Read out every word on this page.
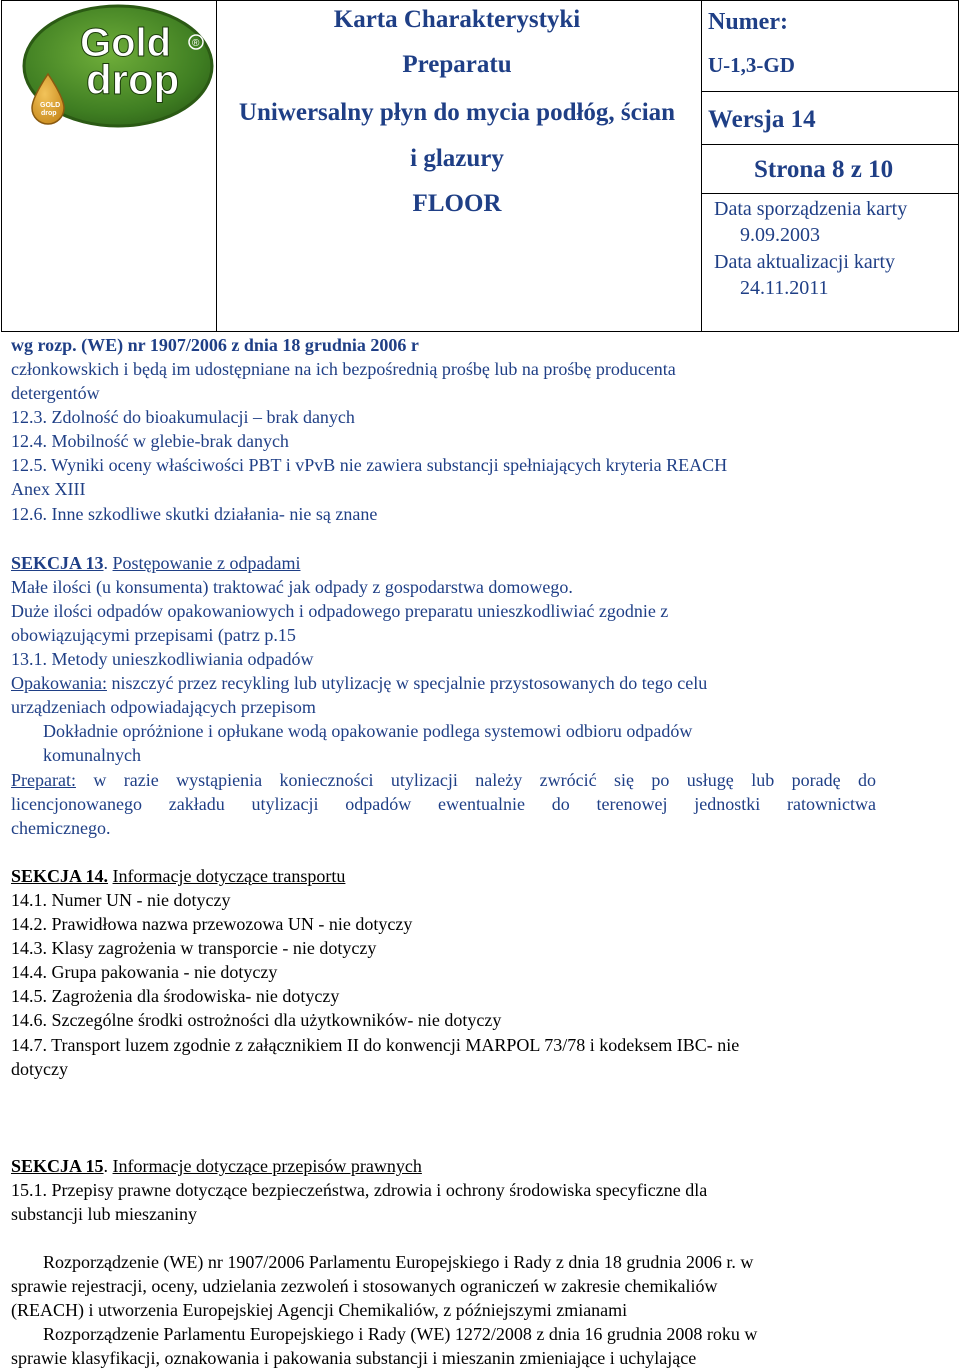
Gold
drop
®
GOLD
drop
Karta Charakterystyki
Preparatu
Uniwersalny płyn do mycia podłóg, ścian
i glazury
FLOOR
Numer:
U-1,3-GD
Wersja 14
Strona 8 z 10
Data sporządzenia karty
9.09.2003
Data aktualizacji karty
24.11.2011
wg rozp. (WE) nr 1907/2006 z dnia 18 grudnia 2006 r
członkowskich i będą im udostępniane na ich bezpośrednią prośbę lub na prośbę producenta
detergentów
12.3. Zdolność do bioakumulacji – brak danych
12.4. Mobilność w glebie-brak danych
12.5. Wyniki oceny właściwości PBT i vPvB nie zawiera substancji spełniających kryteria REACH
Anex XIII
12.6. Inne szkodliwe skutki działania- nie są znane
SEKCJA 13. Postępowanie z odpadami
Małe ilości (u konsumenta) traktować jak odpady z gospodarstwa domowego.
Duże ilości odpadów opakowaniowych i odpadowego preparatu unieszkodliwiać zgodnie z
obowiązującymi przepisami (patrz p.15
13.1. Metody unieszkodliwiania odpadów
Opakowania: niszczyć przez recykling lub utylizację w specjalnie przystosowanych do tego celu
urządzeniach odpowiadających przepisom
Dokładnie opróżnione i opłukane wodą opakowanie podlega systemowi odbioru odpadów
komunalnych
Preparat: w razie wystąpienia konieczności utylizacji należy zwrócić się po usługę lub poradę do
licencjonowanego zakładu utylizacji odpadów ewentualnie do terenowej jednostki ratownictwa
chemicznego.
SEKCJA 14. Informacje dotyczące transportu
14.1. Numer UN - nie dotyczy
14.2. Prawidłowa nazwa przewozowa UN - nie dotyczy
14.3. Klasy zagrożenia w transporcie - nie dotyczy
14.4. Grupa pakowania - nie dotyczy
14.5. Zagrożenia dla środowiska- nie dotyczy
14.6. Szczególne środki ostrożności dla użytkowników- nie dotyczy
14.7. Transport luzem zgodnie z załącznikiem II do konwencji MARPOL 73/78 i kodeksem IBC- nie
dotyczy
SEKCJA 15. Informacje dotyczące przepisów prawnych
15.1. Przepisy prawne dotyczące bezpieczeństwa, zdrowia i ochrony środowiska specyficzne dla
substancji lub mieszaniny
Rozporządzenie (WE) nr 1907/2006 Parlamentu Europejskiego i Rady z dnia 18 grudnia 2006 r. w
sprawie rejestracji, oceny, udzielania zezwoleń i stosowanych ograniczeń w zakresie chemikaliów
(REACH) i utworzenia Europejskiej Agencji Chemikaliów, z późniejszymi zmianami
Rozporządzenie Parlamentu Europejskiego i Rady (WE) 1272/2008 z dnia 16 grudnia 2008 roku w
sprawie klasyfikacji, oznakowania i pakowania substancji i mieszanin zmieniające i uchylające
